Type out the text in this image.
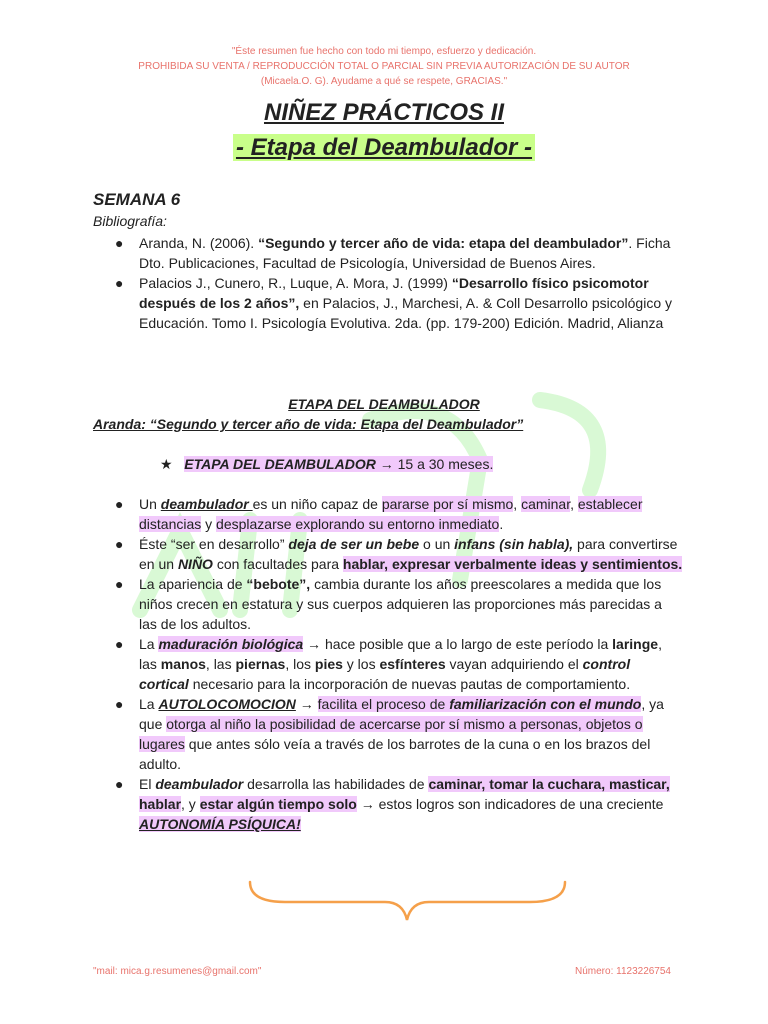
"Éste resumen fue hecho con todo mi tiempo, esfuerzo y dedicación.
PROHIBIDA SU VENTA / REPRODUCCIÓN TOTAL O PARCIAL SIN PREVIA AUTORIZACIÓN DE SU AUTOR
(Micaela.O. G). Ayudame a qué se respete, GRACIAS."
NIÑEZ PRÁCTICOS II
- Etapa del Deambulador -
SEMANA 6
Bibliografía:
● Aranda, N. (2006). “Segundo y tercer año de vida: etapa del deambulador”. Ficha Dto. Publicaciones, Facultad de Psicología, Universidad de Buenos Aires.
● Palacios J., Cunero, R., Luque, A. Mora, J. (1999) “Desarrollo físico psicomotor después de los 2 años”, en Palacios, J., Marchesi, A. & Coll Desarrollo psicológico y Educación. Tomo I. Psicología Evolutiva. 2da. (pp. 179-200) Edición. Madrid, Alianza
ETAPA DEL DEAMBULADOR
Aranda: “Segundo y tercer año de vida: Etapa del Deambulador”
★ ETAPA DEL DEAMBULADOR → 15 a 30 meses.
● Un deambulador es un niño capaz de pararse por sí mismo, caminar, establecer distancias y desplazarse explorando su entorno inmediato.
● Éste “ser en desarrollo” deja de ser un bebe o un infans (sin habla), para convertirse en un NIÑO con facultades para hablar, expresar verbalmente ideas y sentimientos.
● La apariencia de “bebote”, cambia durante los años preescolares a medida que los niños crecen en estatura y sus cuerpos adquieren las proporciones más parecidas a las de los adultos.
● La maduración biológica → hace posible que a lo largo de este período la laringe, las manos, las piernas, los pies y los esfínteres vayan adquiriendo el control cortical necesario para la incorporación de nuevas pautas de comportamiento.
● La AUTOLOCOMOCION → facilita el proceso de familiarización con el mundo, ya que otorga al niño la posibilidad de acercarse por sí mismo a personas, objetos o lugares que antes sólo veía a través de los barrotes de la cuna o en los brazos del adulto.
● El deambulador desarrolla las habilidades de caminar, tomar la cuchara, masticar, hablar, y estar algún tiempo solo → estos logros son indicadores de una creciente AUTONOMÍA PSÍQUICA!
"mail: mica.g.resumenes@gmail.com"	Número: 1123226754
